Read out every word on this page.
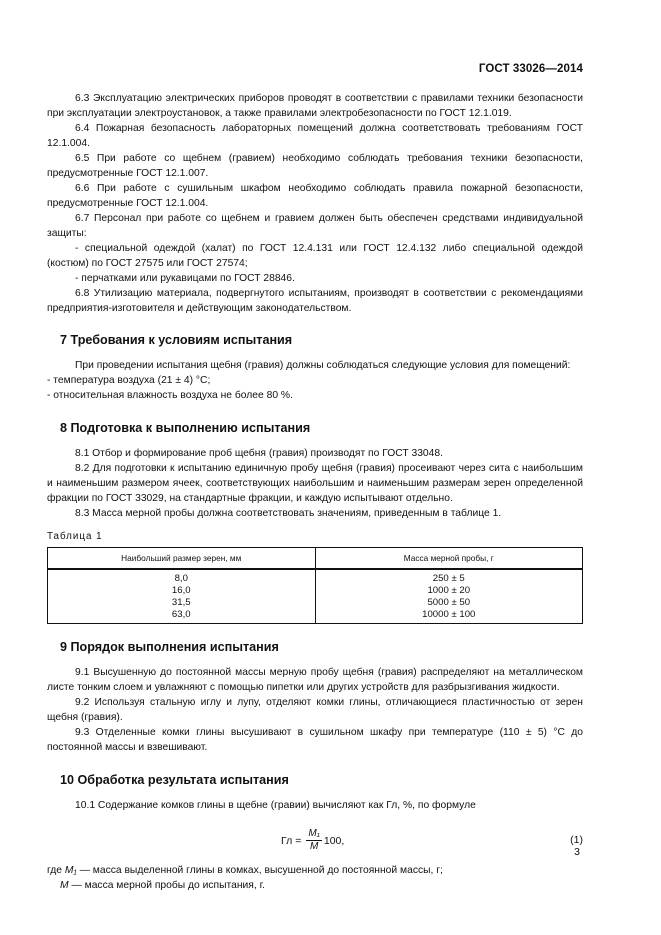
ГОСТ 33026—2014

6.3 Эксплуатацию электрических приборов проводят в соответствии с правилами техники безопасности при эксплуатации электроустановок, а также правилами электробезопасности по ГОСТ 12.1.019.

6.4 Пожарная безопасность лабораторных помещений должна соответствовать требованиям ГОСТ 12.1.004.

6.5 При работе со щебнем (гравием) необходимо соблюдать требования техники безопасности, предусмотренные ГОСТ 12.1.007.

6.6 При работе с сушильным шкафом необходимо соблюдать правила пожарной безопасности, предусмотренные ГОСТ 12.1.004.

6.7 Персонал при работе со щебнем и гравием должен быть обеспечен средствами индивидуальной защиты:

- специальной одеждой (халат) по ГОСТ 12.4.131 или ГОСТ 12.4.132 либо специальной одеждой (костюм) по ГОСТ 27575 или ГОСТ 27574;

- перчатками или рукавицами по ГОСТ 28846.

6.8 Утилизацию материала, подвергнутого испытаниям, производят в соответствии с рекомендациями предприятия-изготовителя и действующим законодательством.

7 Требования к условиям испытания

При проведении испытания щебня (гравия) должны соблюдаться следующие условия для помещений:

- температура воздуха (21 ± 4) °С;

- относительная влажность воздуха не более 80 %.

8 Подготовка к выполнению испытания

8.1 Отбор и формирование проб щебня (гравия) производят по ГОСТ 33048.

8.2 Для подготовки к испытанию единичную пробу щебня (гравия) просеивают через сита с наибольшим и наименьшим размером ячеек, соответствующих наибольшим и наименьшим размерам зерен определенной фракции по ГОСТ 33029, на стандартные фракции, и каждую испытывают отдельно.

8.3 Масса мерной пробы должна соответствовать значениям, приведенным в таблице 1.

Таблица 1
Наибольший размер зерен, мм	Масса мерной пробы, г
8,0	250 ± 5
16,0	1000 ± 20
31,5	5000 ± 50
63,0	10000 ± 100
9 Порядок выполнения испытания

9.1 Высушенную до постоянной массы мерную пробу щебня (гравия) распределяют на металлическом листе тонким слоем и увлажняют с помощью пипетки или других устройств для разбрызгивания жидкости.

9.2 Используя стальную иглу и лупу, отделяют комки глины, отличающиеся пластичностью от зерен щебня (гравия).

9.3 Отделенные комки глины высушивают в сушильном шкафу при температуре (110 ± 5) °С до постоянной массы и взвешивают.

10 Обработка результата испытания

10.1 Содержание комков глины в щебне (гравии) вычисляют как Гл, %, по формуле

Гл = $\frac{\text{M₁}}{M} 100$,	(1)
где M₁ — масса выделенной глины в комках, высушенной до постоянной массы, г;
M — масса мерной пробы до испытания, г.
3
